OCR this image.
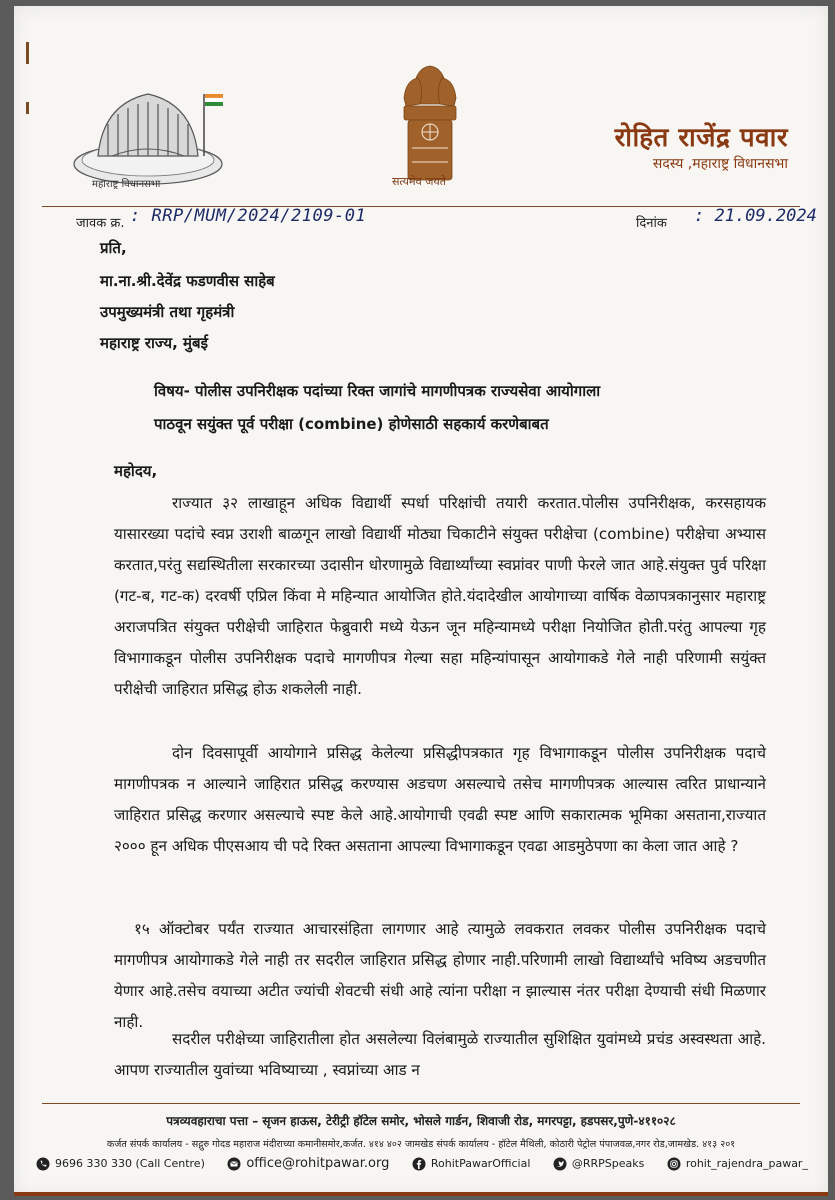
महाराष्ट्र विधानसभा	सत्यमेव जयते
रोहित राजेंद्र पवार
सदस्य ,महाराष्ट्र विधानसभा
जावक क्र. : RRP/MUM/2024/2109-01	दिनांक : 21.09.2024
प्रति,
मा.ना.श्री.देवेंद्र फडणवीस साहेब
उपमुख्यमंत्री तथा गृहमंत्री
महाराष्ट्र राज्य, मुंबई
विषय- पोलीस उपनिरीक्षक पदांच्या रिक्त जागांचे मागणीपत्रक राज्यसेवा आयोगाला
पाठवून सयुंक्त पूर्व परीक्षा (combine) होणेसाठी सहकार्य करणेबाबत
महोदय,
राज्यात ३२ लाखाहून अधिक विद्यार्थी स्पर्धा परिक्षांची तयारी करतात.पोलीस उपनिरीक्षक, करसहायक यासारख्या पदांचे स्वप्न उराशी बाळगून लाखो विद्यार्थी मोठ्या चिकाटीने संयुक्त परीक्षेचा (combine) परीक्षेचा अभ्यास करतात,परंतु सद्यस्थितीला सरकारच्या उदासीन धोरणामुळे विद्यार्थ्यांच्या स्वप्नांवर पाणी फेरले जात आहे.संयुक्त पुर्व परिक्षा (गट-ब, गट-क) दरवर्षी एप्रिल किंवा मे महिन्यात आयोजित होते.यंदादेखील आयोगाच्या वार्षिक वेळापत्रकानुसार महाराष्ट्र अराजपत्रित संयुक्त परीक्षेची जाहिरात फेब्रुवारी मध्ये येऊन जून महिन्यामध्ये परीक्षा नियोजित होती.परंतु आपल्या गृह विभागाकडून पोलीस उपनिरीक्षक पदाचे मागणीपत्र गेल्या सहा महिन्यांपासून आयोगाकडे गेले नाही परिणामी सयुंक्त परीक्षेची जाहिरात प्रसिद्ध होऊ शकलेली नाही.
दोन दिवसापूर्वी आयोगाने प्रसिद्ध केलेल्या प्रसिद्धीपत्रकात गृह विभागाकडून पोलीस उपनिरीक्षक पदाचे मागणीपत्रक न आल्याने जाहिरात प्रसिद्ध करण्यास अडचण असल्याचे तसेच मागणीपत्रक आल्यास त्वरित प्राधान्याने जाहिरात प्रसिद्ध करणार असल्याचे स्पष्ट केले आहे.आयोगाची एवढी स्पष्ट आणि सकारात्मक भूमिका असताना,राज्यात २००० हून अधिक पीएसआय ची पदे रिक्त असताना आपल्या विभागाकडून एवढा आडमुठेपणा का केला जात आहे ?
१५ ऑक्टोबर पर्यंत राज्यात आचारसंहिता लागणार आहे त्यामुळे लवकरात लवकर पोलीस उपनिरीक्षक पदाचे मागणीपत्र आयोगाकडे गेले नाही तर सदरील जाहिरात प्रसिद्ध होणार नाही.परिणामी लाखो विद्यार्थ्यांचे भविष्य अडचणीत येणार आहे.तसेच वयाच्या अटीत ज्यांची शेवटची संधी आहे त्यांना परीक्षा न झाल्यास नंतर परीक्षा देण्याची संधी मिळणार नाही.
सदरील परीक्षेच्या जाहिरातीला होत असलेल्या विलंबामुळे राज्यातील सुशिक्षित युवांमध्ये प्रचंड अस्वस्थता आहे. आपण राज्यातील युवांच्या भविष्याच्या , स्वप्नांच्या आड न
पत्रव्यवहाराचा पत्ता – सृजन हाऊस, टेरीट्री हॉटेल समोर, भोसले गार्डन, शिवाजी रोड, मगरपट्टा, हडपसर,पुणे-४११०२८
कर्जत संपर्क कार्यालय - सद्गुरु गोदड महाराज मंदीराच्या कमानीसमोर,कर्जत. ४१४ ४०२ जामखेड संपर्क कार्यालय - हॉटेल मैथिली, कोठारी पेट्रोल पंपाजवळ,नगर रोड,जामखेड. ४१३ २०१
9696 330 330 (Call Centre)	office@rohitpawar.org	RohitPawarOfficial	@RRPSpeaks	rohit_rajendra_pawar_
